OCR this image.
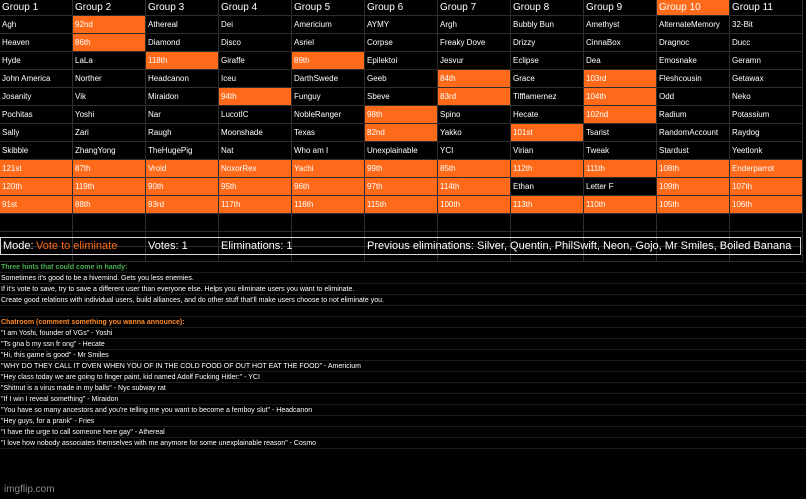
Group 1	Group 2	Group 3	Group 4	Group 5	Group 6	Group 7	Group 8	Group 9	Group 10	Group 11
Agh	92nd	Athereal	Dei	Americium	AYMY	Argh	Bubbly Bun	Amethyst	AlternateMemory	32-Bit
Heaven	86th	Diamond	Disco	Asriel	Corpse	Freaky Dove	Drizzy	CinnaBox	Dragnoc	Ducc
Hyde	LaLa	118th	Giraffe	89th	Epilektoi	Jesvur	Eclipse	Dea	Emosnake	Geramn
John America	Norther	Headcanon	Iceu	DarthSwede	Geeb	84th	Grace	103rd	Fleshcousin	Getawax
Josanity	Vik	Miraidon	94th	Funguy	Sbeve	83rd	Tifflamernez	104th	Odd	Neko
Pochitas	Yoshi	Nar	LucotIC	NobleRanger	98th	Spino	Hecate	102nd	Radium	Potassium
Sally	Zari	Raugh	Moonshade	Texas	82nd	Yakko	101st	Tsarist	RandomAccount	Raydog
Skibble	ZhangYong	TheHugePig	Nat	Who am I	Unexplainable	YCI	Virian	Tweak	Stardust	Yeetlonk
121st	87th	Vroid	NoxorRex	Yachi	99th	85th	112th	111th	108th	Enderparrot
120th	119th	90th	95th	96th	97th	114th	Ethan	Letter F	109th	107th
91st	88th	93rd	117th	116th	115th	100th	113th	110th	105th	106th
Mode: Vote to eliminate	Votes: 1	Eliminations: 1	Previous eliminations: Silver, Quentin, PhilSwift, Neon, Gojo, Mr Smiles, Boiled Banana
Three hints that could come in handy:
Sometimes it's good to be a hivemind. Gets you less enemies.
If it's vote to save, try to save a different user than everyone else. Helps you eliminate users you want to eliminate.
Create good relations with individual users, build alliances, and do other stuff that'll make users choose to not eliminate you.
Chatroom (comment something you wanna announce):
"I am Yoshi, founder of VGs" - Yoshi
"Ts gna b my ssn fr ong" - Hecate
"Hi, this game is good" - Mr Smiles
"WHY DO THEY CALL IT OVEN WHEN YOU OF IN THE COLD FOOD OF OUT HOT EAT THE FOOD" - Americium
"Hey class today we are going to finger paint, kid named Adolf Fucking Hitler:" - YCI
"Shitnut is a virus made in my balls" - Nyc subway rat
"If I win I reveal something" - Miraidon
"You have so many ancestors and you're telling me you want to become a femboy slut" - Headcanon
"Hey guys, for a prank" - Fries
"I have the urge to call someone here gay" - Athereal
"I love how nobody associates themselves with me anymore for some unexplainable reason" - Cosmo
imgflip.com
